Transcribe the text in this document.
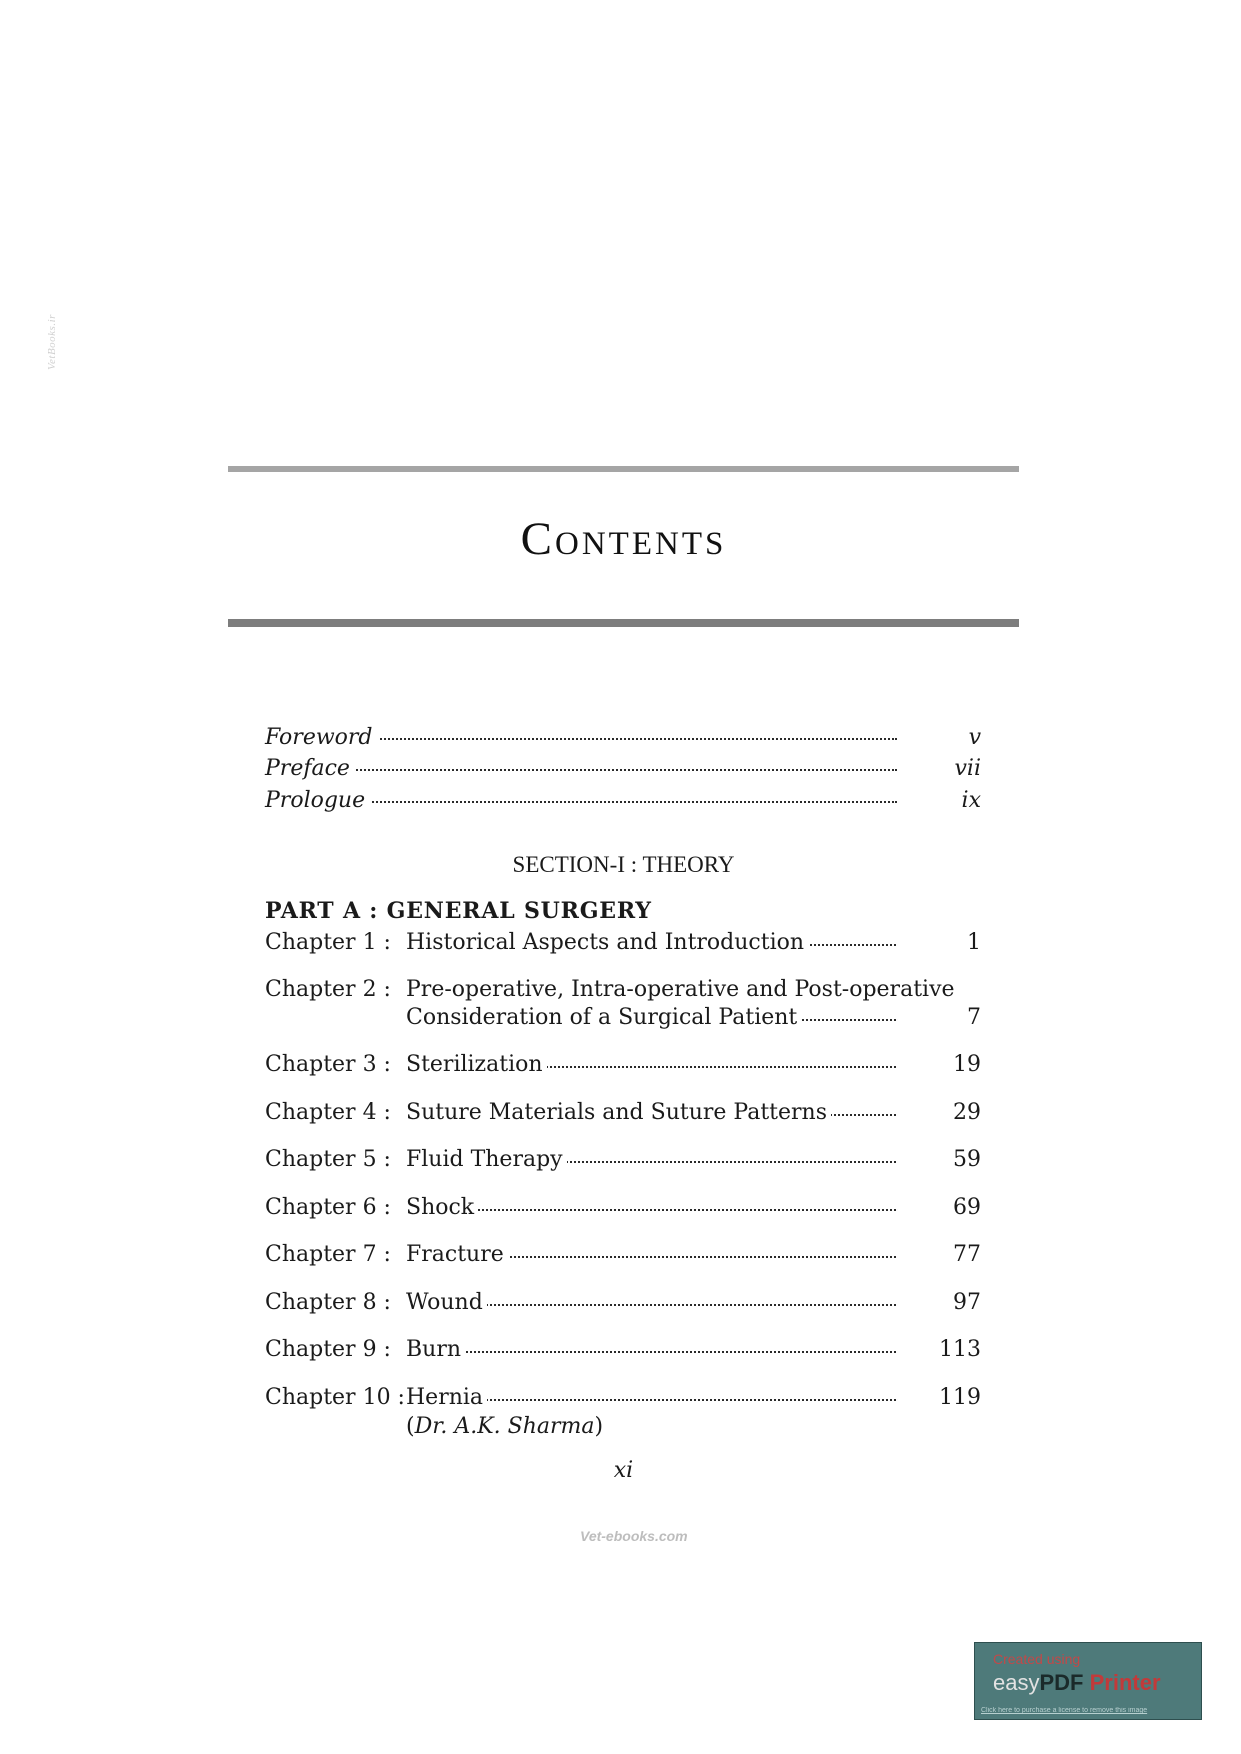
VetBooks.ir
Contents
Foreword	v
Preface	vii
Prologue	ix
SECTION-I : THEORY
PART A : GENERAL SURGERY
Chapter 1 : Historical Aspects and Introduction	1
Chapter 2 : Pre-operative, Intra-operative and Post-operative
Consideration of a Surgical Patient	7
Chapter 3 : Sterilization	19
Chapter 4 : Suture Materials and Suture Patterns	29
Chapter 5 : Fluid Therapy	59
Chapter 6 : Shock	69
Chapter 7 : Fracture	77
Chapter 8 : Wound	97
Chapter 9 : Burn	113
Chapter 10 : Hernia	119
(Dr. A.K. Sharma)
xi
Vet-ebooks.com
Created using
easyPDF Printer
Click here to purchase a license to remove this image
